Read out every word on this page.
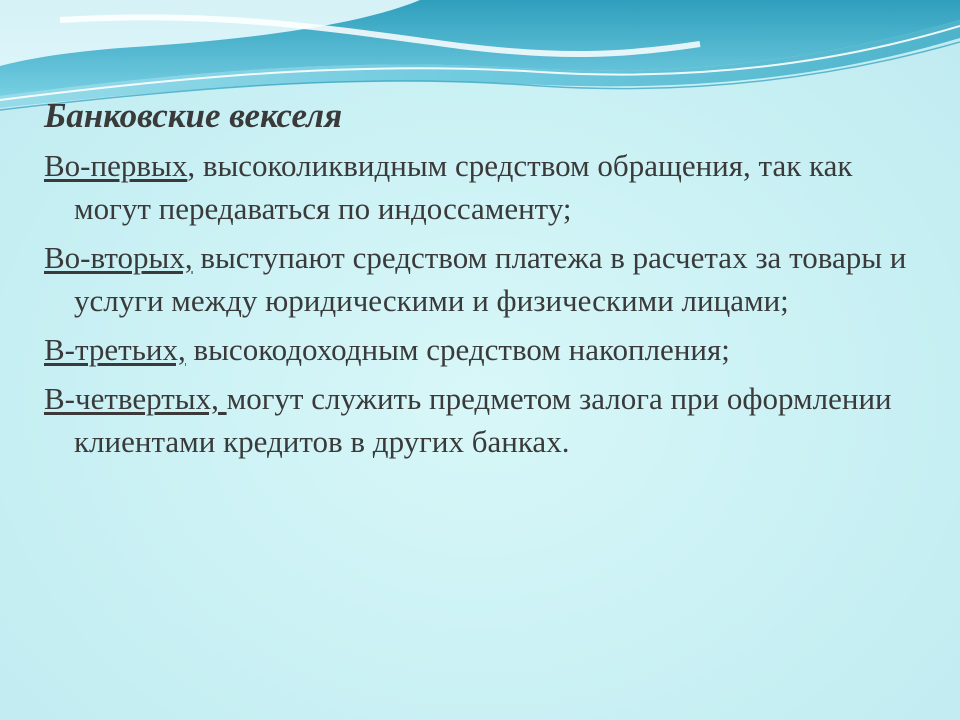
Банковские векселя
Во-первых, высоколиквидным средством обращения, так как могут передаваться по индоссаменту;
Во-вторых, выступают средством платежа в расчетах за товары и услуги между юридическими и физическими лицами;
В-третьих, высокодоходным средством накопления;
В-четвертых, могут служить предметом залога при оформлении клиентами кредитов в других банках.
